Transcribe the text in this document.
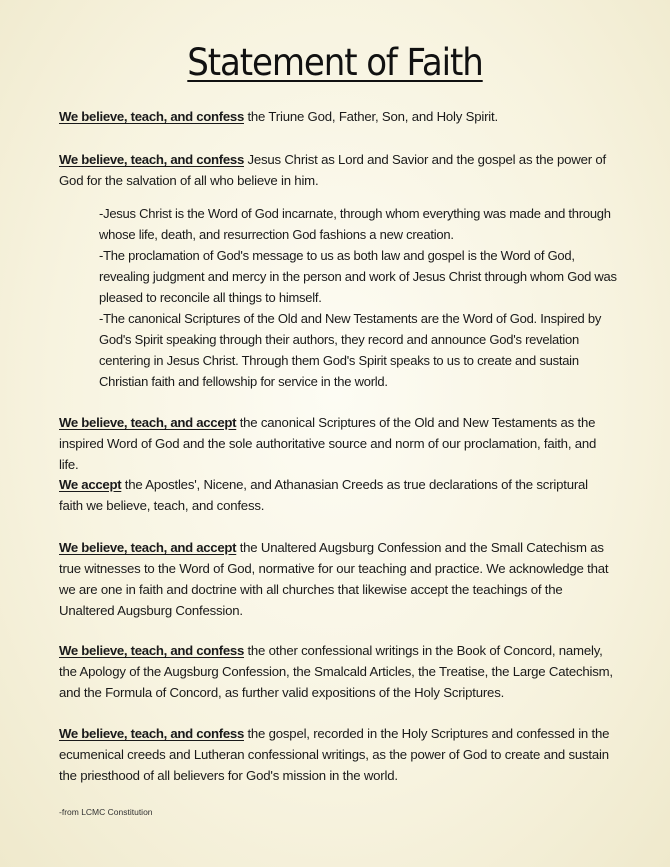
Statement of Faith
We believe, teach, and confess the Triune God, Father, Son, and Holy Spirit.
We believe, teach, and confess Jesus Christ as Lord and Savior and the gospel as the power of God for the salvation of all who believe in him.

-Jesus Christ is the Word of God incarnate, through whom everything was made and through whose life, death, and resurrection God fashions a new creation.

-The proclamation of God's message to us as both law and gospel is the Word of God, revealing judgment and mercy in the person and work of Jesus Christ through whom God was pleased to reconcile all things to himself.

-The canonical Scriptures of the Old and New Testaments are the Word of God. Inspired by God's Spirit speaking through their authors, they record and announce God's revelation centering in Jesus Christ. Through them God's Spirit speaks to us to create and sustain Christian faith and fellowship for service in the world.

We believe, teach, and accept the canonical Scriptures of the Old and New Testaments as the inspired Word of God and the sole authoritative source and norm of our proclamation, faith, and life.
We accept the Apostles', Nicene, and Athanasian Creeds as true declarations of the scriptural faith we believe, teach, and confess.
We believe, teach, and accept the Unaltered Augsburg Confession and the Small Catechism as true witnesses to the Word of God, normative for our teaching and practice. We acknowledge that we are one in faith and doctrine with all churches that likewise accept the teachings of the Unaltered Augsburg Confession.
We believe, teach, and confess the other confessional writings in the Book of Concord, namely, the Apology of the Augsburg Confession, the Smalcald Articles, the Treatise, the Large Catechism, and the Formula of Concord, as further valid expositions of the Holy Scriptures.
We believe, teach, and confess the gospel, recorded in the Holy Scriptures and confessed in the ecumenical creeds and Lutheran confessional writings, as the power of God to create and sustain the priesthood of all believers for God's mission in the world.
-from LCMC Constitution
